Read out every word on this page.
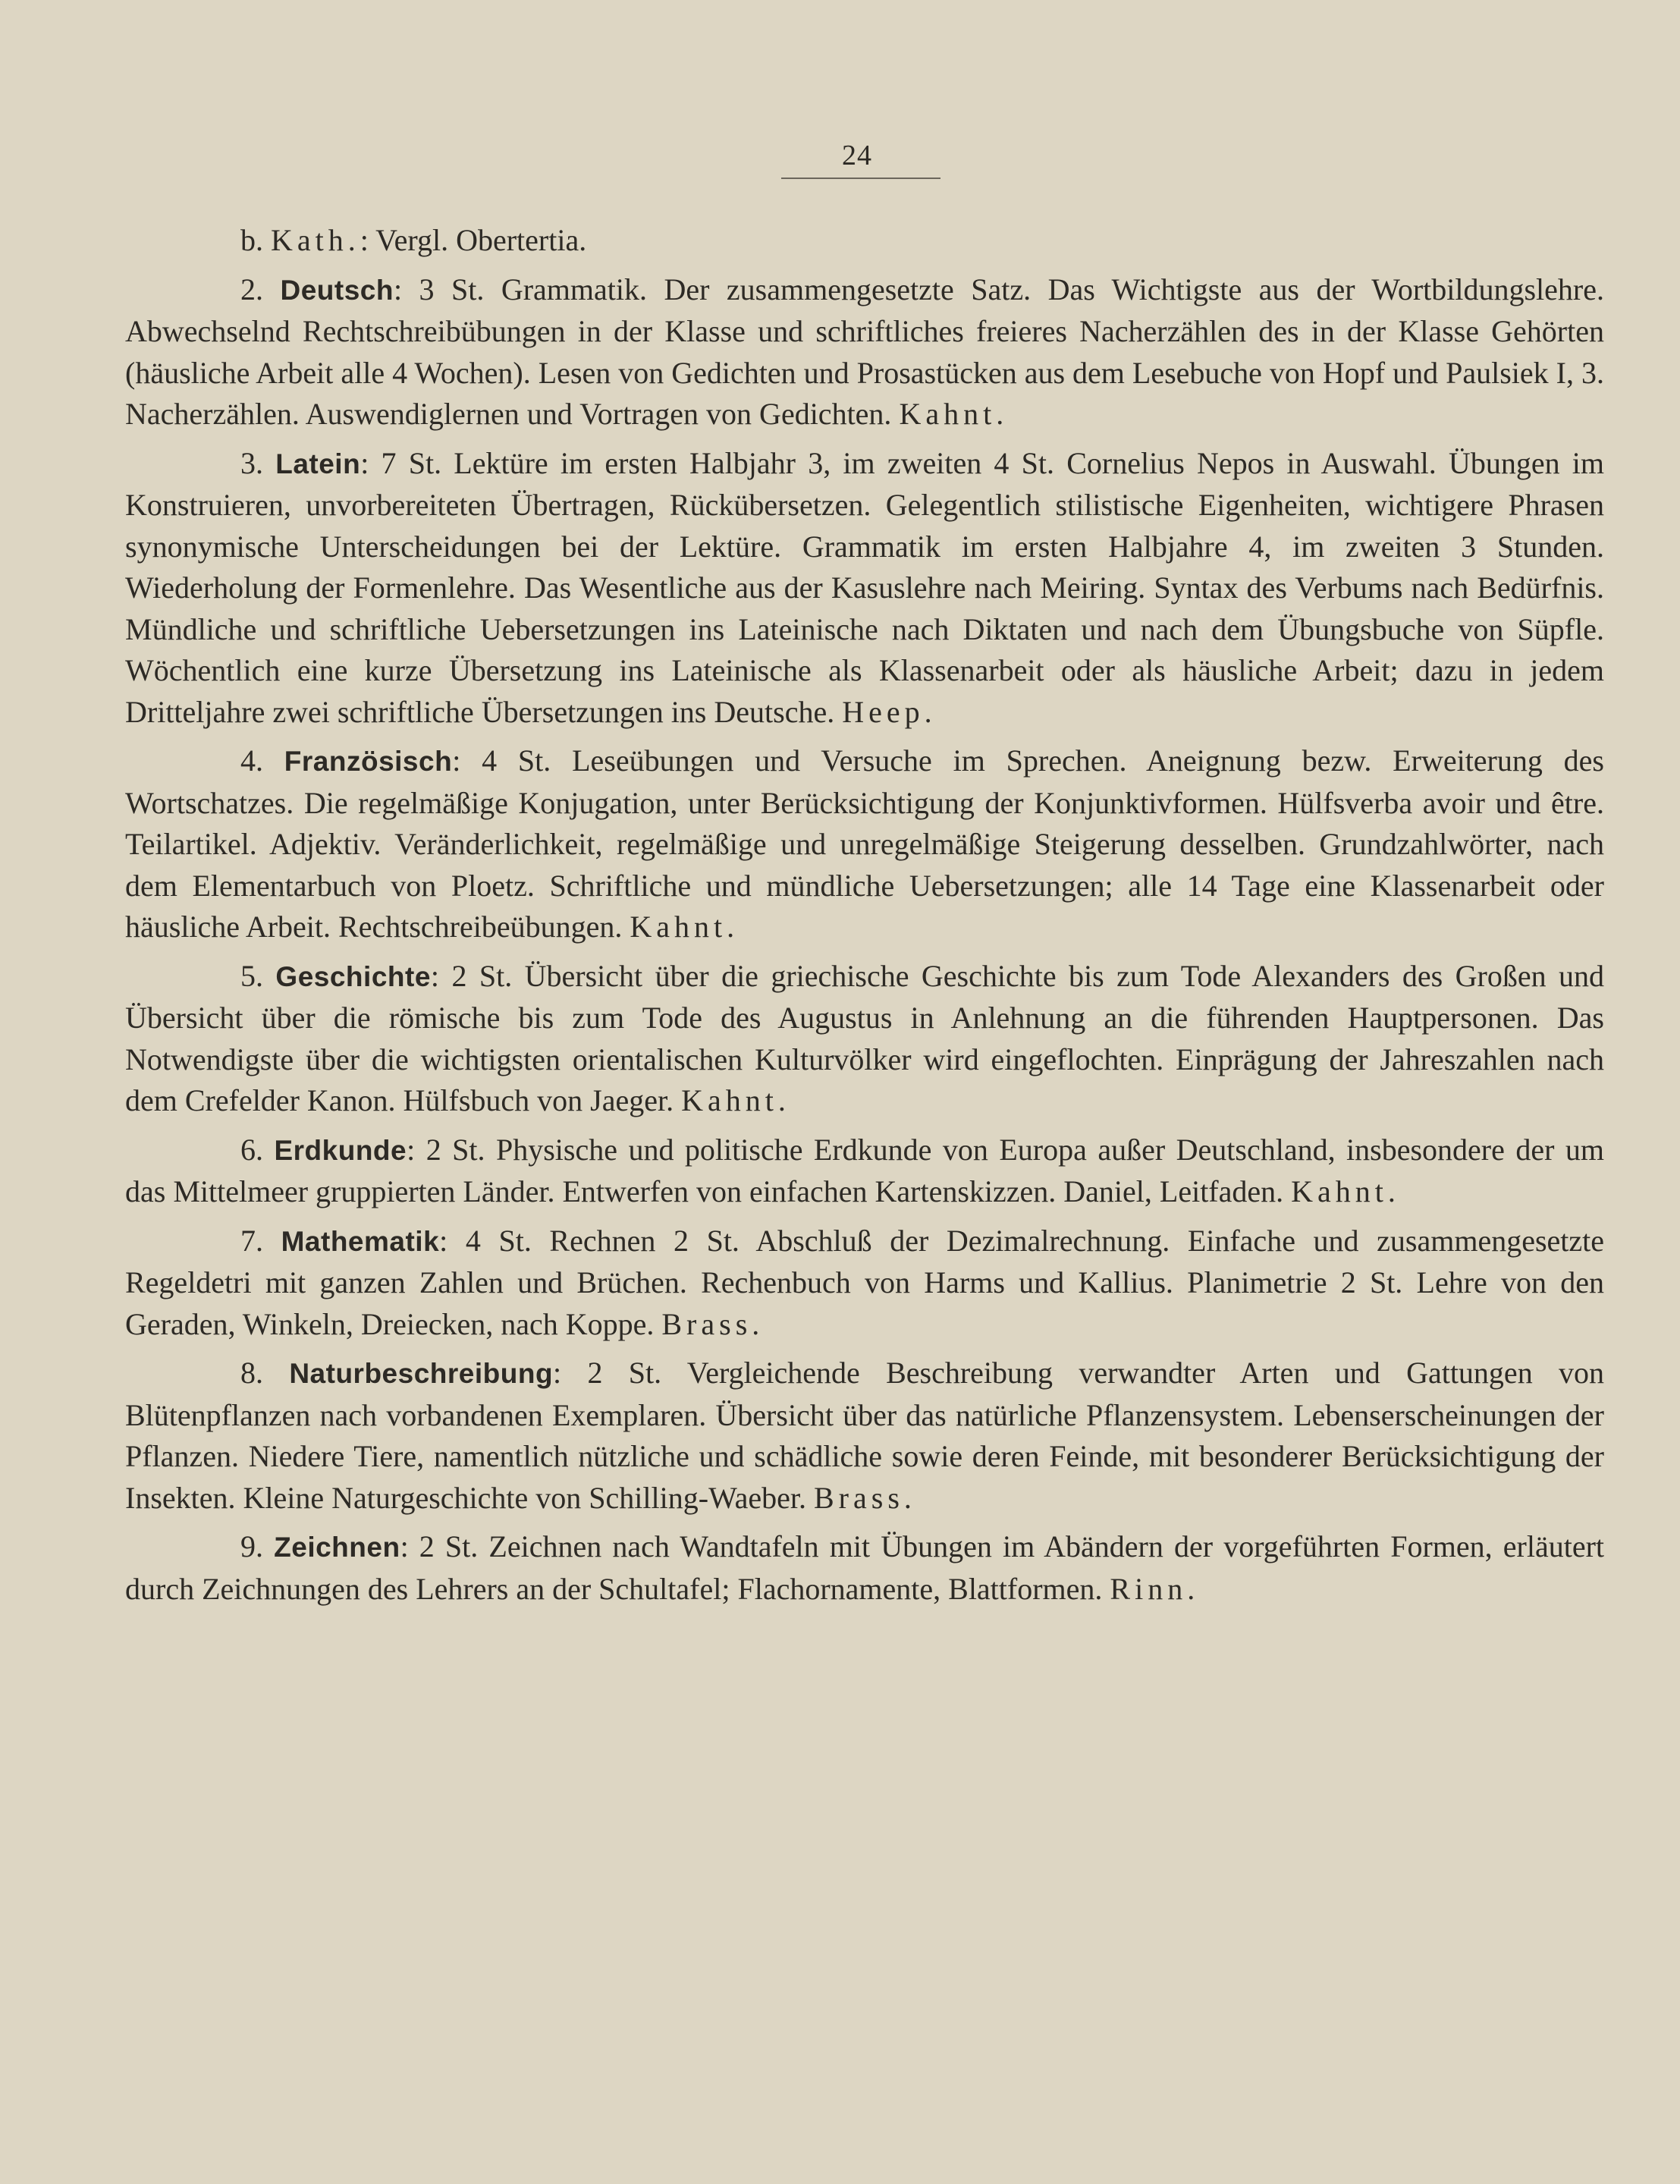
24

b. Kath.: Vergl. Obertertia.

2. Deutsch: 3 St. Grammatik. Der zusammengesetzte Satz. Das Wichtigste aus der Wortbildungslehre. Abwechselnd Rechtschreibübungen in der Klasse und schriftliches freieres Nacherzählen des in der Klasse Gehörten (häusliche Arbeit alle 4 Wochen). Lesen von Gedichten und Prosastücken aus dem Lesebuche von Hopf und Paulsiek I, 3. Nacherzählen. Auswendiglernen und Vortragen von Gedichten. Kahnt.

3. Latein: 7 St. Lektüre im ersten Halbjahr 3, im zweiten 4 St. Cornelius Nepos in Auswahl. Übungen im Konstruieren, unvorbereiteten Übertragen, Rückübersetzen. Gelegentlich stilistische Eigenheiten, wichtigere Phrasen synonymische Unterscheidungen bei der Lektüre. Grammatik im ersten Halbjahre 4, im zweiten 3 Stunden. Wiederholung der Formenlehre. Das Wesentliche aus der Kasuslehre nach Meiring. Syntax des Verbums nach Bedürfnis. Mündliche und schriftliche Uebersetzungen ins Lateinische nach Diktaten und nach dem Übungsbuche von Süpfle. Wöchentlich eine kurze Übersetzung ins Lateinische als Klassenarbeit oder als häusliche Arbeit; dazu in jedem Dritteljahre zwei schriftliche Übersetzungen ins Deutsche. Heep.

4. Französisch: 4 St. Leseübungen und Versuche im Sprechen. Aneignung bezw. Erweiterung des Wortschatzes. Die regelmäßige Konjugation, unter Berücksichtigung der Konjunktivformen. Hülfsverba avoir und être. Teilartikel. Adjektiv. Veränderlichkeit, regelmäßige und unregelmäßige Steigerung desselben. Grundzahlwörter, nach dem Elementarbuch von Ploetz. Schriftliche und mündliche Uebersetzungen; alle 14 Tage eine Klassenarbeit oder häusliche Arbeit. Rechtschreibeübungen. Kahnt.

5. Geschichte: 2 St. Übersicht über die griechische Geschichte bis zum Tode Alexanders des Großen und Übersicht über die römische bis zum Tode des Augustus in Anlehnung an die führenden Hauptpersonen. Das Notwendigste über die wichtigsten orientalischen Kulturvölker wird eingeflochten. Einprägung der Jahreszahlen nach dem Crefelder Kanon. Hülfsbuch von Jaeger. Kahnt.

6. Erdkunde: 2 St. Physische und politische Erdkunde von Europa außer Deutschland, insbesondere der um das Mittelmeer gruppierten Länder. Entwerfen von einfachen Kartenskizzen. Daniel, Leitfaden. Kahnt.

7. Mathematik: 4 St. Rechnen 2 St. Abschluß der Dezimalrechnung. Einfache und zusammengesetzte Regeldetri mit ganzen Zahlen und Brüchen. Rechenbuch von Harms und Kallius. Planimetrie 2 St. Lehre von den Geraden, Winkeln, Dreiecken, nach Koppe. Brass.

8. Naturbeschreibung: 2 St. Vergleichende Beschreibung verwandter Arten und Gattungen von Blütenpflanzen nach vorbandenen Exemplaren. Übersicht über das natürliche Pflanzensystem. Lebenserscheinungen der Pflanzen. Niedere Tiere, namentlich nützliche und schädliche sowie deren Feinde, mit besonderer Berücksichtigung der Insekten. Kleine Naturgeschichte von Schilling-Waeber. Brass.

9. Zeichnen: 2 St. Zeichnen nach Wandtafeln mit Übungen im Abändern der vorgeführten Formen, erläutert durch Zeichnungen des Lehrers an der Schultafel; Flachornamente, Blattformen. Rinn.
